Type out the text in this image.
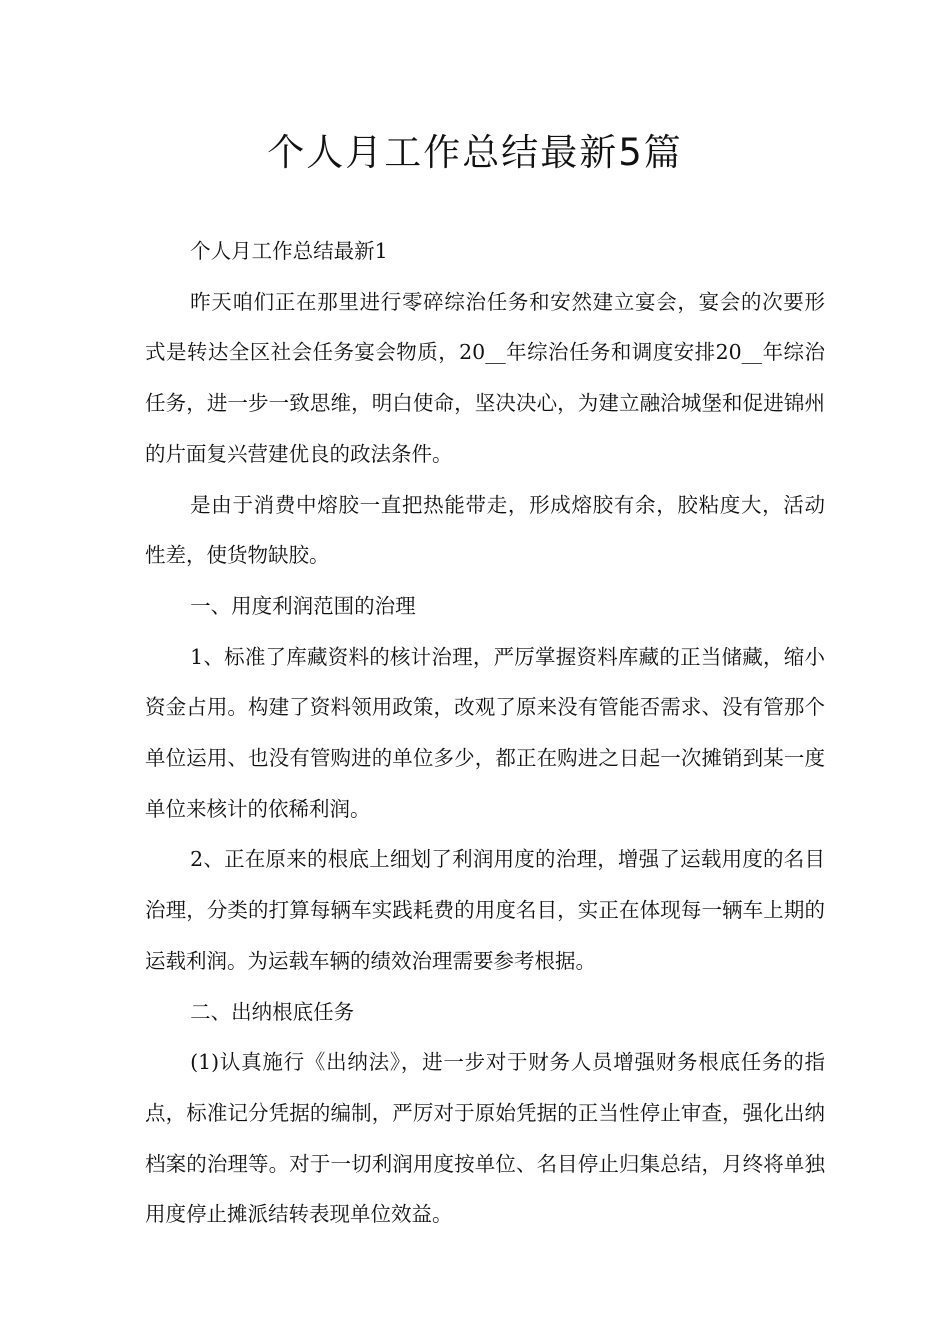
个人月工作总结最新5篇

个人月工作总结最新1

昨天咱们正在那里进行零碎综治任务和安然建立宴会，宴会的次要形式是转达全区社会任务宴会物质，20__年综治任务和调度安排20__年综治任务，进一步一致思维，明白使命，坚决决心，为建立融洽城堡和促进锦州的片面复兴营建优良的政法条件。

是由于消费中熔胶一直把热能带走，形成熔胶有余，胶粘度大，活动性差，使货物缺胶。

一、用度利润范围的治理

1、标准了库藏资料的核计治理，严厉掌握资料库藏的正当储藏，缩小资金占用。构建了资料领用政策，改观了原来没有管能否需求、没有管那个单位运用、也没有管购进的单位多少，都正在购进之日起一次摊销到某一度单位来核计的依稀利润。

2、正在原来的根底上细划了利润用度的治理，增强了运载用度的名目治理，分类的打算每辆车实践耗费的用度名目，实正在体现每一辆车上期的运载利润。为运载车辆的绩效治理需要参考根据。

二、出纳根底任务

(1)认真施行《出纳法》，进一步对于财务人员增强财务根底任务的指点，标准记分凭据的编制，严厉对于原始凭据的正当性停止审查，强化出纳档案的治理等。对于一切利润用度按单位、名目停止归集总结，月终将单独用度停止摊派结转表现单位效益。
